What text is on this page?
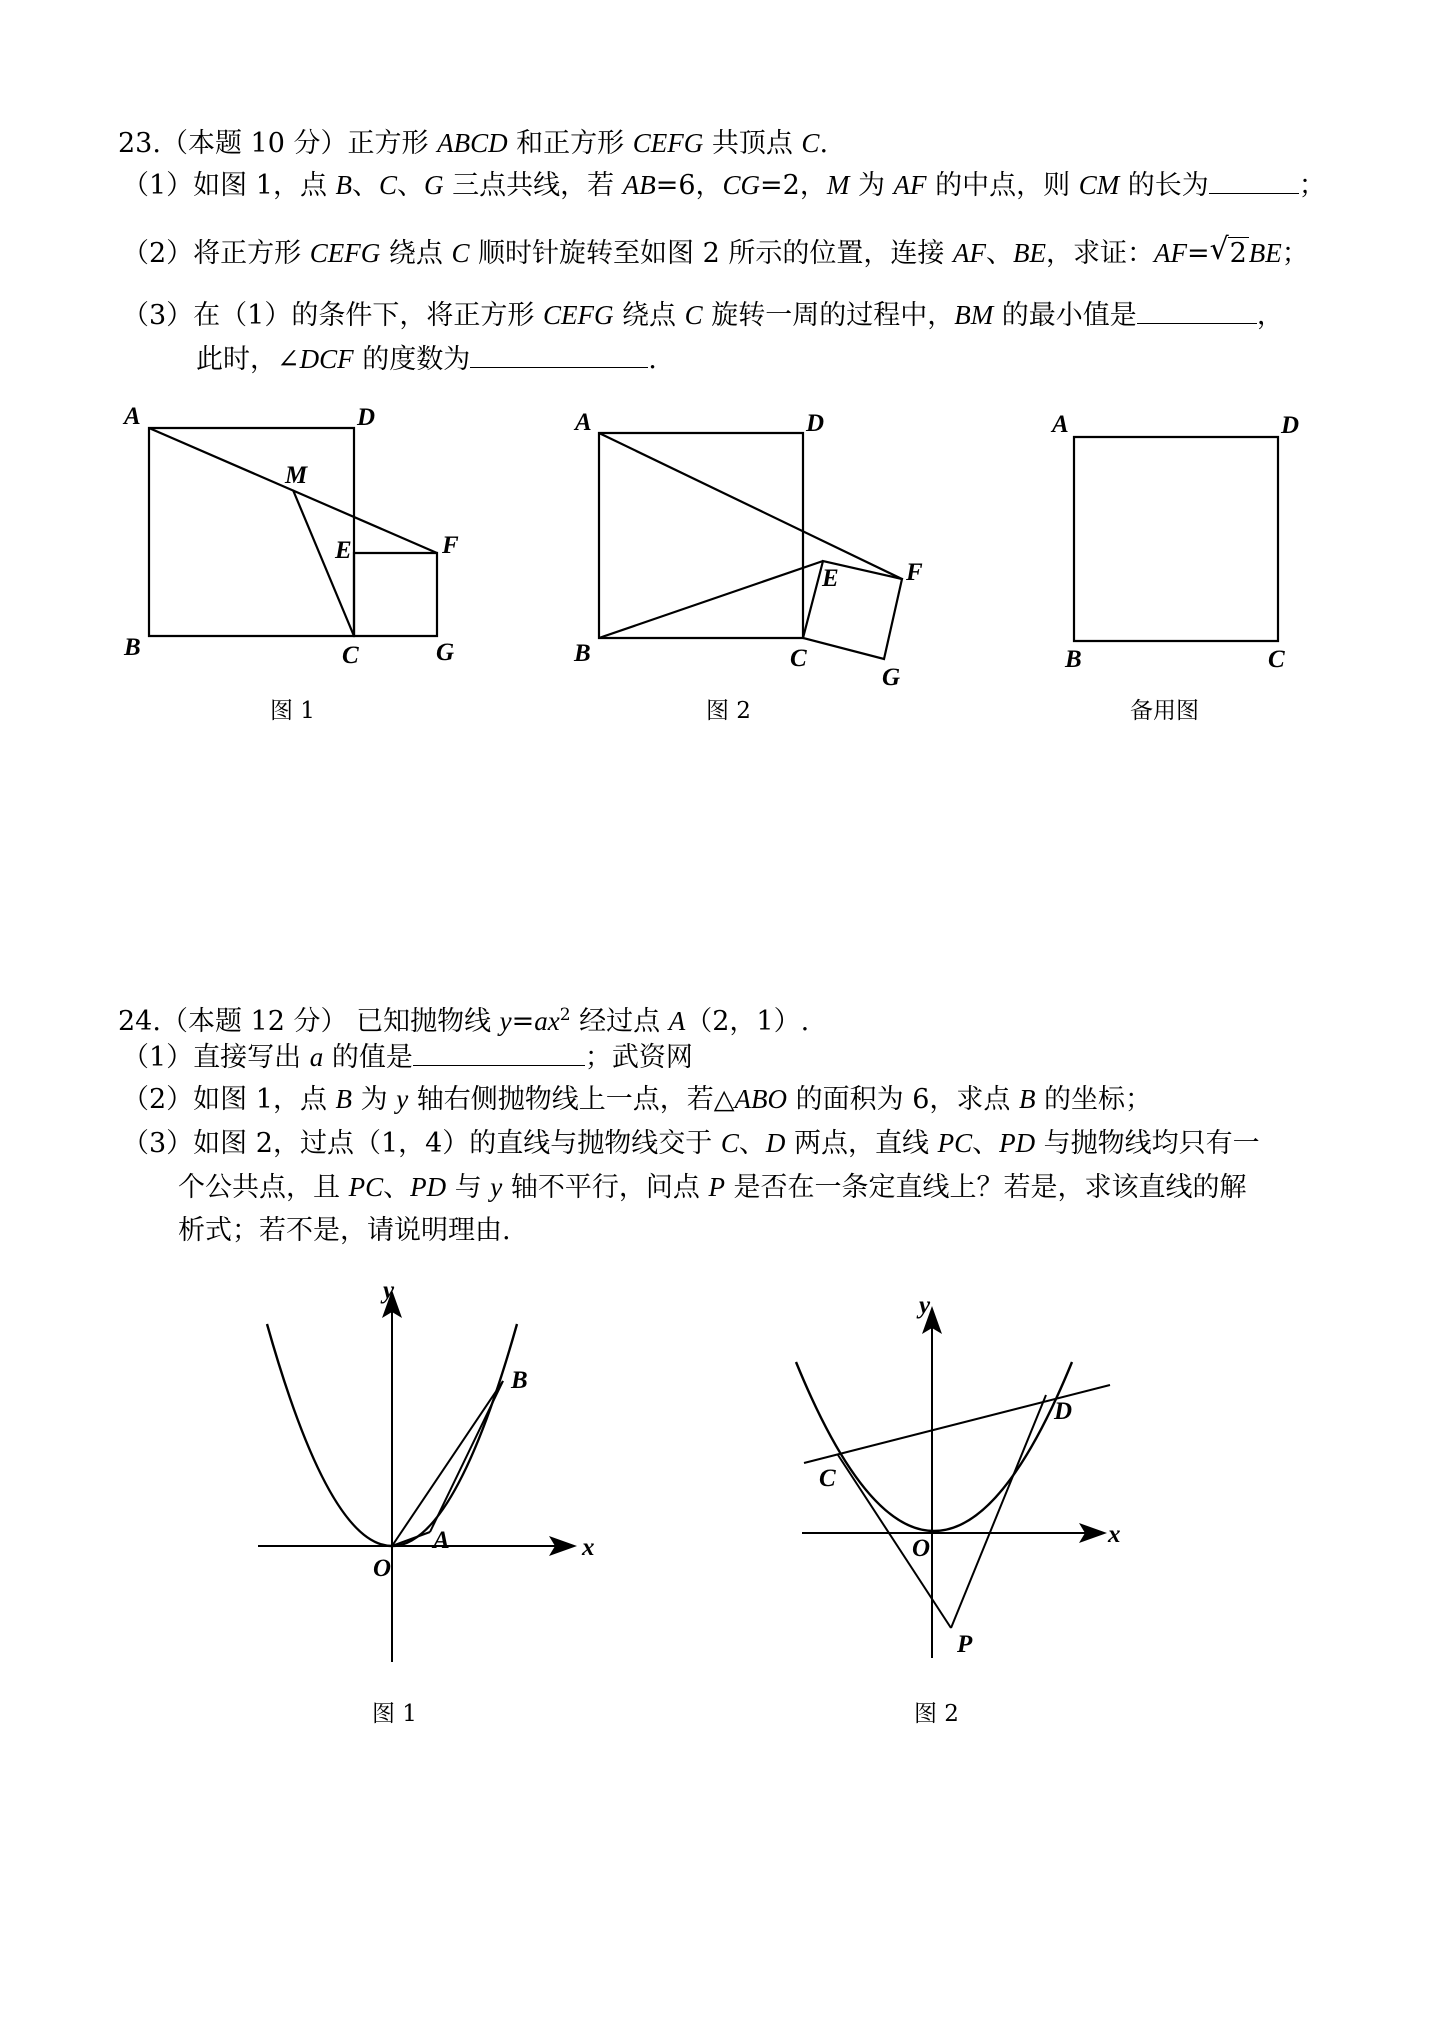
23.（本题 10 分）正方形 ABCD 和正方形 CEFG 共顶点 C.
（1）如图 1，点 B、C、G 三点共线，若 AB=6，CG=2，M 为 AF 的中点，则 CM 的长为	；
（2）将正方形 CEFG 绕点 C 顺时针旋转至如图 2 所示的位置，连接 AF、BE，求证：AF= √ 2BE；
（3）在（1）的条件下，将正方形 CEFG 绕点 C 旋转一周的过程中，BM 的最小值是	，
此时，∠DCF 的度数为	.
A	D
M
E	F
B	C	G
图 1
A	D
E	F
B	C
G
图 2
A	D
B	C
备用图
24.（本题 12 分） 已知抛物线 $y=ax^2$ 经过点 A（2，1）.
（1）直接写出 a 的值是	；武资网
（2）如图 1，点 B 为 y 轴右侧抛物线上一点，若△ABO 的面积为 6，求点 B 的坐标；
（3）如图 2，过点（1，4）的直线与抛物线交于 C、D 两点，直线 PC、PD 与抛物线均只有一
个公共点，且 PC、PD 与 y 轴不平行，问点 P 是否在一条定直线上？若是，求该直线的解
析式；若不是，请说明理由.
y
x
O
A
B
图 1
y
x
O
C
D
P
图 2
